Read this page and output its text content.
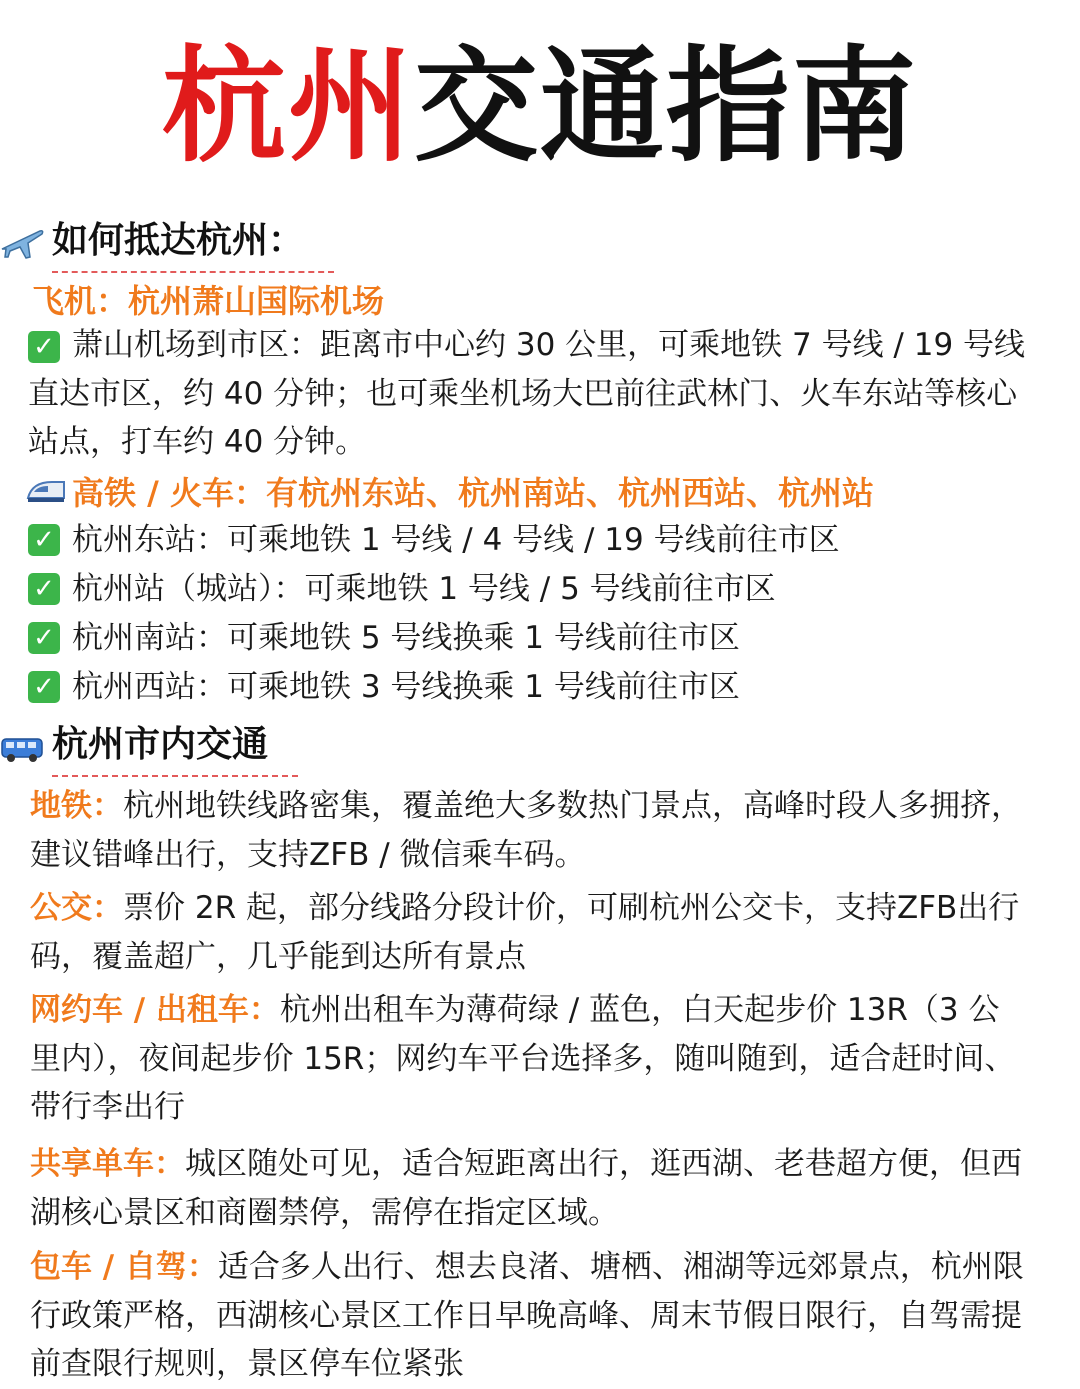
杭州交通指南
如何抵达杭州：
飞机：杭州萧山国际机场
✓ 萧山机场到市区：距离市中心约 30 公里，可乘地铁 7 号线 / 19 号线直达市区，约 40 分钟；也可乘坐机场大巴前往武林门、火车东站等核心站点，打车约 40 分钟。
高铁 / 火车：有杭州东站、杭州南站、杭州西站、杭州站
✓ 杭州东站：可乘地铁 1 号线 / 4 号线 / 19 号线前往市区
✓ 杭州站（城站）：可乘地铁 1 号线 / 5 号线前往市区
✓ 杭州南站：可乘地铁 5 号线换乘 1 号线前往市区
✓ 杭州西站：可乘地铁 3 号线换乘 1 号线前往市区
杭州市内交通
地铁：杭州地铁线路密集，覆盖绝大多数热门景点，高峰时段人多拥挤，建议错峰出行，支持ZFB / 微信乘车码。
公交：票价 2R 起，部分线路分段计价，可刷杭州公交卡，支持ZFB出行码，覆盖超广，几乎能到达所有景点
网约车 / 出租车：杭州出租车为薄荷绿 / 蓝色，白天起步价 13R（3 公里内），夜间起步价 15R；网约车平台选择多，随叫随到，适合赶时间、带行李出行
共享单车：城区随处可见，适合短距离出行，逛西湖、老巷超方便，但西湖核心景区和商圈禁停，需停在指定区域。
包车 / 自驾：适合多人出行、想去良渚、塘栖、湘湖等远郊景点，杭州限行政策严格，西湖核心景区工作日早晚高峰、周末节假日限行，自驾需提前查限行规则，景区停车位紧张
